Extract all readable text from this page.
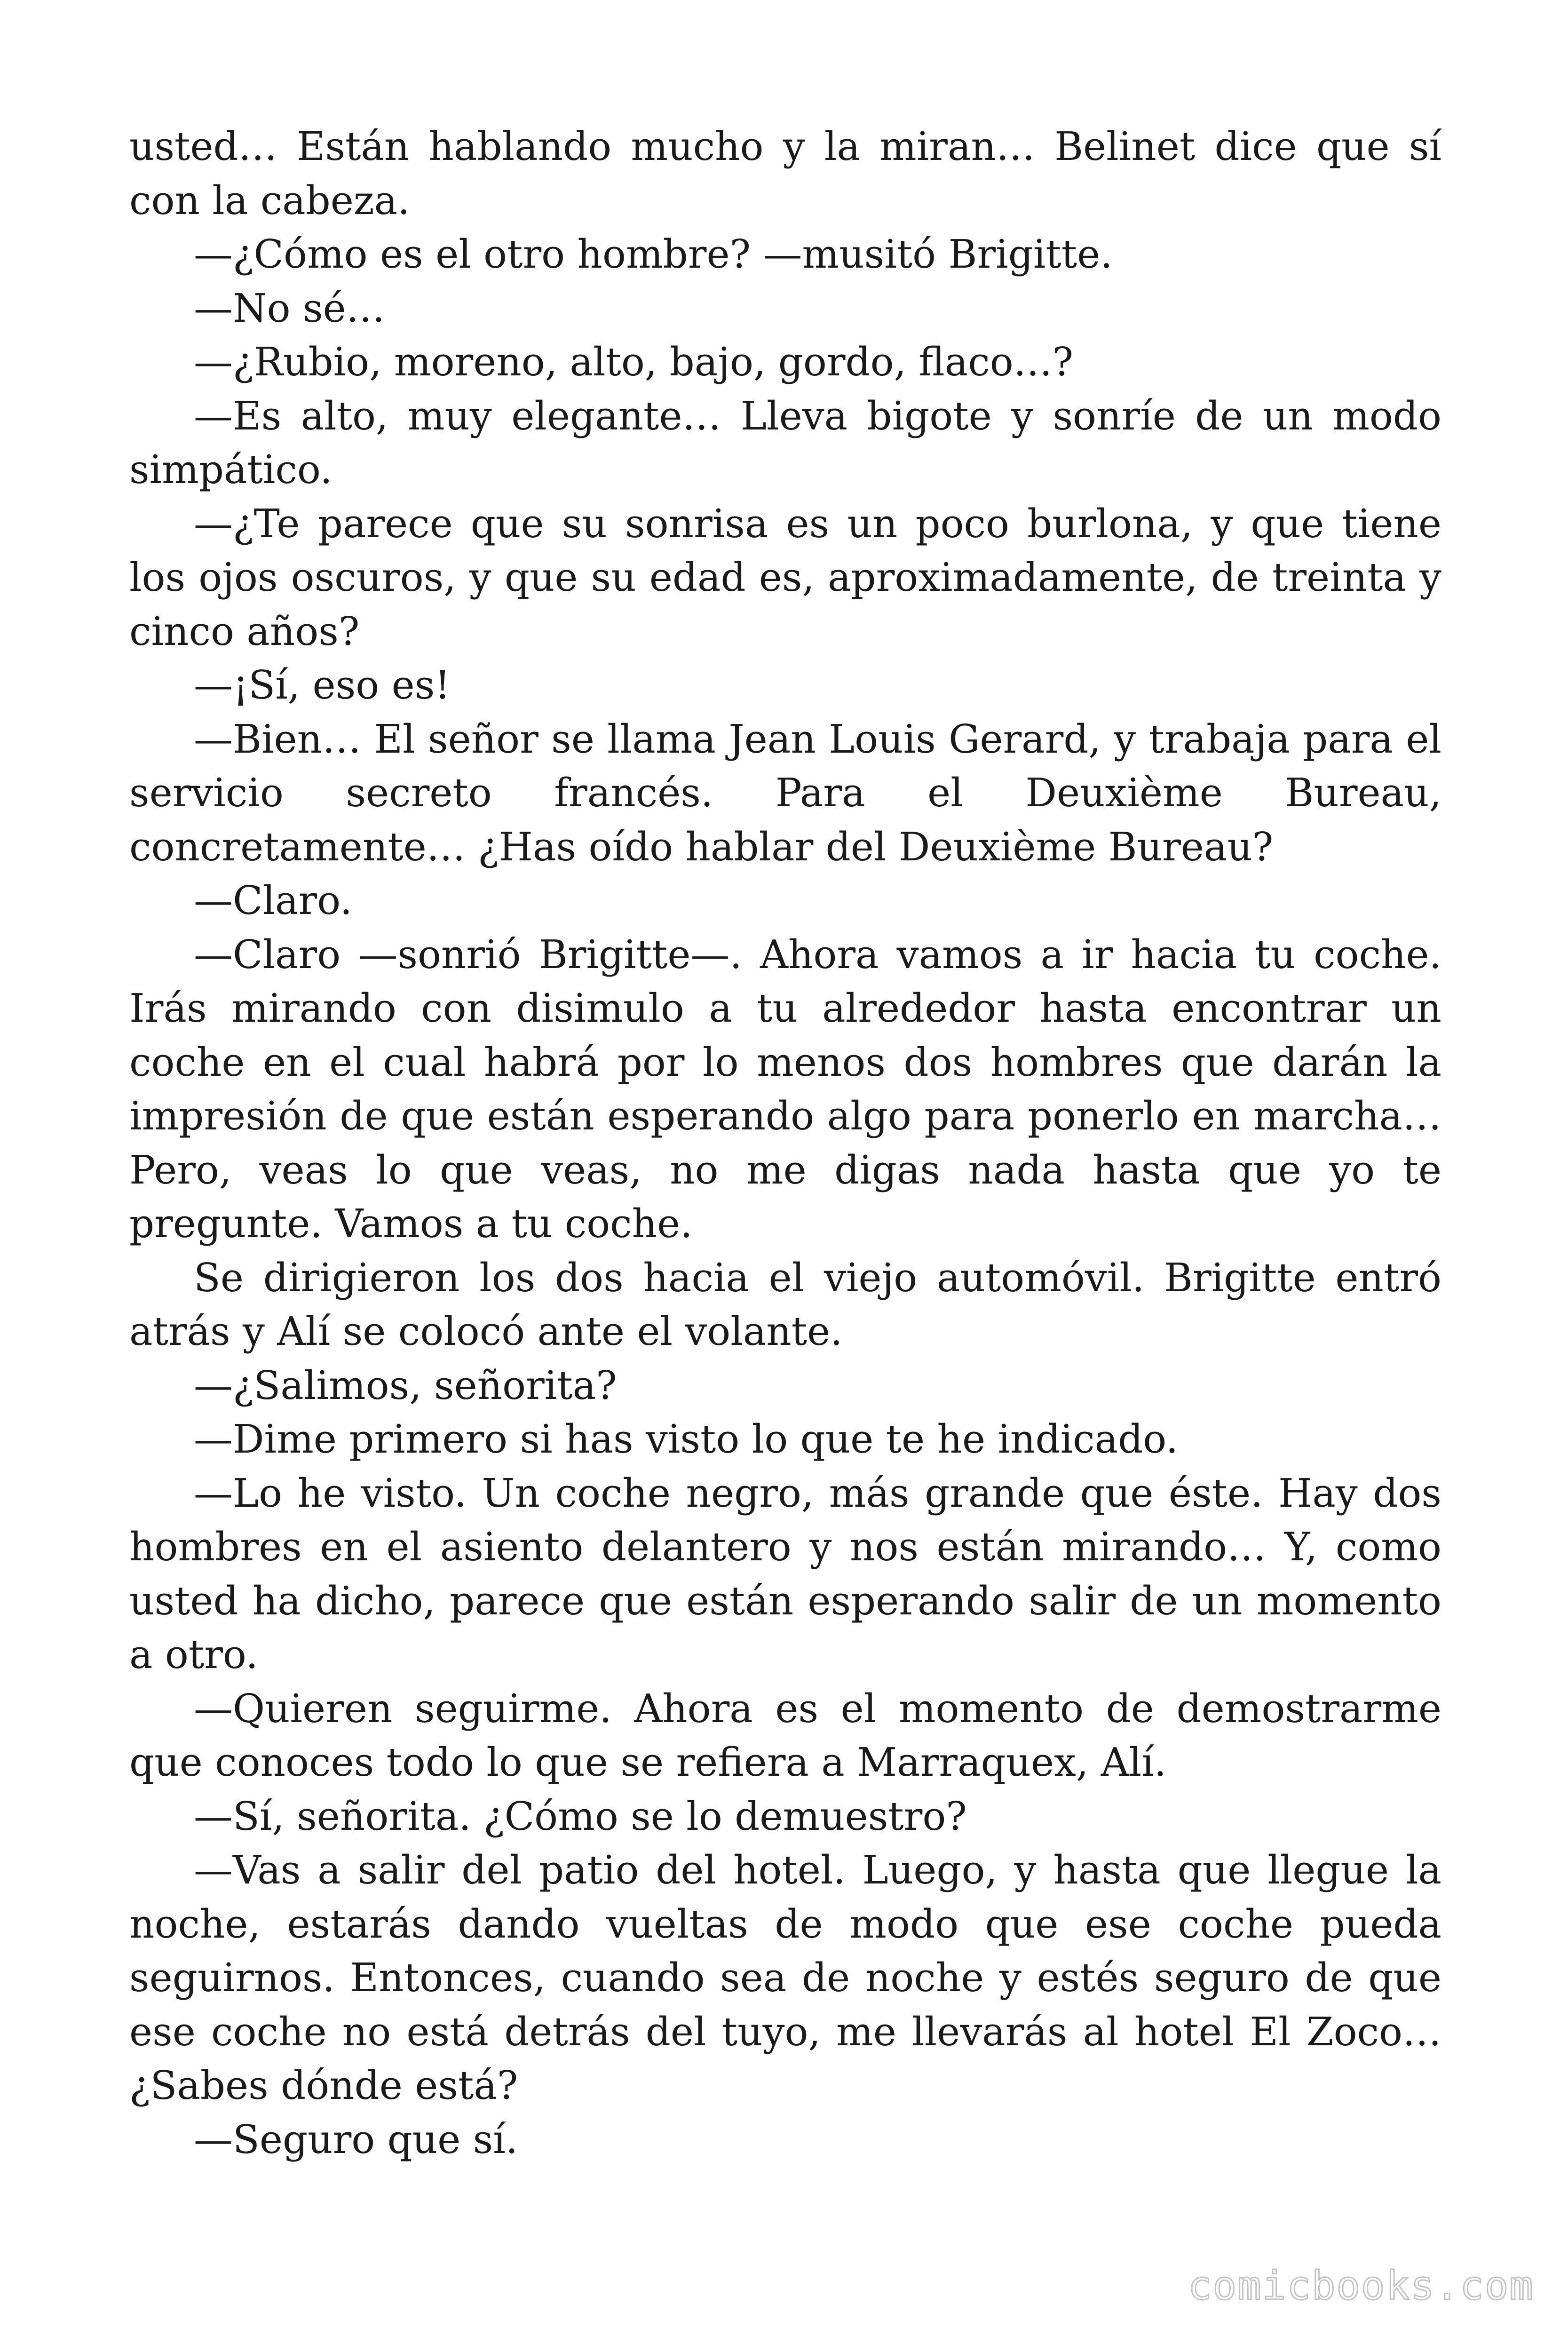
usted… Están hablando mucho y la miran… Belinet dice que sí con la cabeza.

—¿Cómo es el otro hombre? —musitó Brigitte.

—No sé…

—¿Rubio, moreno, alto, bajo, gordo, flaco…?

—Es alto, muy elegante… Lleva bigote y sonríe de un modo simpático.

—¿Te parece que su sonrisa es un poco burlona, y que tiene los ojos oscuros, y que su edad es, aproximadamente, de treinta y cinco años?

—¡Sí, eso es!

—Bien… El señor se llama Jean Louis Gerard, y trabaja para el servicio secreto francés. Para el Deuxième Bureau, concretamente… ¿Has oído hablar del Deuxième Bureau?

—Claro.

—Claro —sonrió Brigitte—. Ahora vamos a ir hacia tu coche. Irás mirando con disimulo a tu alrededor hasta encontrar un coche en el cual habrá por lo menos dos hombres que darán la impresión de que están esperando algo para ponerlo en marcha… Pero, veas lo que veas, no me digas nada hasta que yo te pregunte. Vamos a tu coche.

Se dirigieron los dos hacia el viejo automóvil. Brigitte entró atrás y Alí se colocó ante el volante.

—¿Salimos, señorita?

—Dime primero si has visto lo que te he indicado.

—Lo he visto. Un coche negro, más grande que éste. Hay dos hombres en el asiento delantero y nos están mirando… Y, como usted ha dicho, parece que están esperando salir de un momento a otro.

—Quieren seguirme. Ahora es el momento de demostrarme que conoces todo lo que se refiera a Marraquex, Alí.

—Sí, señorita. ¿Cómo se lo demuestro?

—Vas a salir del patio del hotel. Luego, y hasta que llegue la noche, estarás dando vueltas de modo que ese coche pueda seguirnos. Entonces, cuando sea de noche y estés seguro de que ese coche no está detrás del tuyo, me llevarás al hotel El Zoco… ¿Sabes dónde está?

—Seguro que sí.

comicbooks.com
